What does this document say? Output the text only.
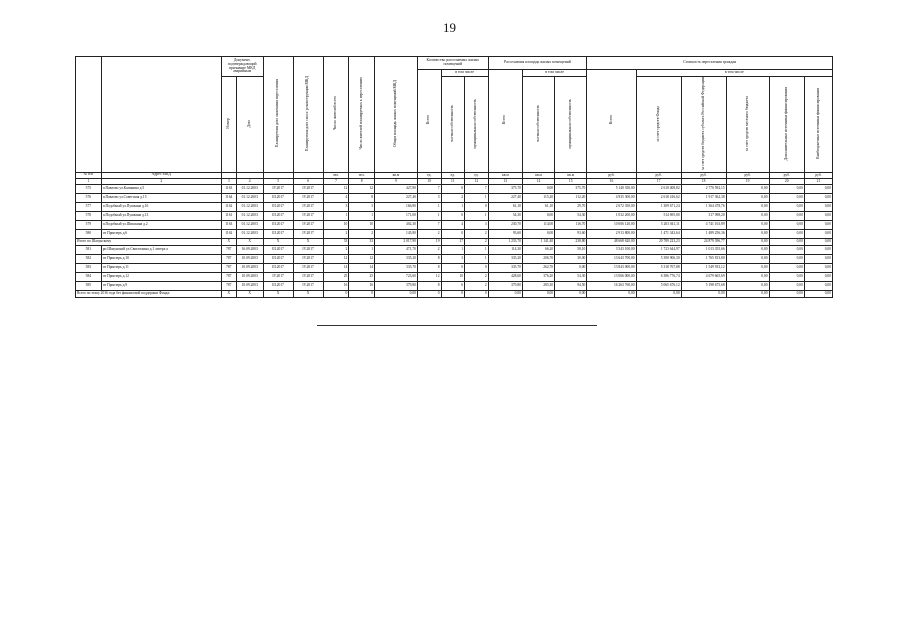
19
		Документ, подтверждающий признание МКД аварийным		Планируемая дата окончания переселения	Планируемая дата сноса/ реконструкции МКД	Число жителей всего	Число жителей планируемых к переселению	Общая площадь жилых помещений МКД	Количество расселяемых жилых помещений			Расселяемая площадь жилых помещений			Стоимость переселения граждан					
									Всего	в том числе		Всего	в том числе		Всего	в том числе				
		Номер	Дата							частная собственность	муниципальная собственность		частная собственность	муниципальная собственность		за счет средств Фонда	за счет средств бюджета субъекта Российской Федерации	за счет средств местного бюджета	Дополнительные источники финансирования	Внебюджетные источники финансирования
№ п/п	Адрес МКД					чел.	чел.	кв.м	ед.	ед.	ед.	кв.м	кв.м	кв.м	руб.	руб.	руб.	руб.	руб.	руб.
1	2	3	4	5	6	7	8	9	10	11	12	13	14	15	16	17	18	19	20	21
575	п.Павлово ул.Калинина д.5	1163	01.12.2003	IV.2017	IV.2017	12	12	427,80	7	0	7	375,70	0,00	375,70	5 140 350,00	2 610 408,82	2 770 592,15	0,00	0,00	0,00
576	п.Павлово ул.Советская д.15	1164	01.12.2003	III.2017	IV.2017	4	8	227,40	3	2	1	227,40	115,20	112,20	4 935 300,00	2 618 416,62	1 917 362,38	0,00	0,00	0,00
577	п.Подобный ул.Пушкина д.16	1162	01.12.2003	III.2017	IV.2017	3	3	166,80	1	1	0	61,10	61,10	29,70	2 672 350,00	1 309 671,24	1 364 478,76	0,00	0,00	0,00
578	п.Подобный ул.Пушкина д.13	1161	01.12.2003	III.2017	IV.2017	1	1	171,00	1	0	1	54,30	0,00	54,30	1 032 200,00	514 695,80	317 098,20	0,00	0,00	0,00
579	п.Подобный ул.Шишкина д.2	1163	01.12.2003	III.2017	IV.2017	10	10	402,30	7	4	3	230,70	114,00	116,70	10 006 120,00	5 203 041,11	4 741 163,89	0,00	0,00	0,00
580	пт Приозерь д.6	1162	01.12.2003	III.2017	IV.2017	2	2	145,80	2	0	2	93,60	0,00	93,60	2 913 800,00	1 471 343,64	1 489 256,36	0,00	0,00	0,00
Итого по Шахунскому		X	X	X	X	33	33	2 017,90	19	17	2	1 233,70	1 141,40	238,80	48 668 620,00	20 789 223,23	24 879 396,77	0,00	0,00	0,00
581	рп Шахунский ул.Свистихина д.1 литера а	787	16.09.2003	III.2017	IV.2017	2	1	471,70	2	1	1	114,30	66,20	50,10	3 543 100,00	1 723 644,97	1 013 355,66	0,00	0,00	0,00
582	пт Приозерь д.10	787	10.09.2003	III.2017	IV.2017	12	12	335,20	8	3	1	335,20	206,70	30,00	13 643 700,00	5 390 906,30	1 765 813,80	0,00	0,00	0,00
583	пт Приозерь д.11	787	10.09.2003	III.2017	IV.2017	14	14	335,70	8	0	0	335,70	262,70	0,00	13 843 000,00	5 318 767,88	1 549 933,12	0,00	0,00	0,00
584	пт Приозерь д.12	787	10.09.2003	IV.2017	IV.2017	25	25	723,60	12	10	2	428,60	376,20	54,30	13 066 000,00	6 386 776,74	4 679 665,69	0,00	0,00	0,00
585	пт Приозерь д.9	787	10.09.2003	III.2017	IV.2017	16	16	379,80	8	6	2	379,80	285,30	94,50	16 263 760,00	5 065 676,12	5 198 675,68	0,00	0,00	0,00
Всего по этапу 2016 года без финансовой поддержки Фонда:		X	X	X	X	0	0	0,00	0	0	0	0,00	0,00	0,00	0,00	0,00	0,00	0,00	0,00	0,00
